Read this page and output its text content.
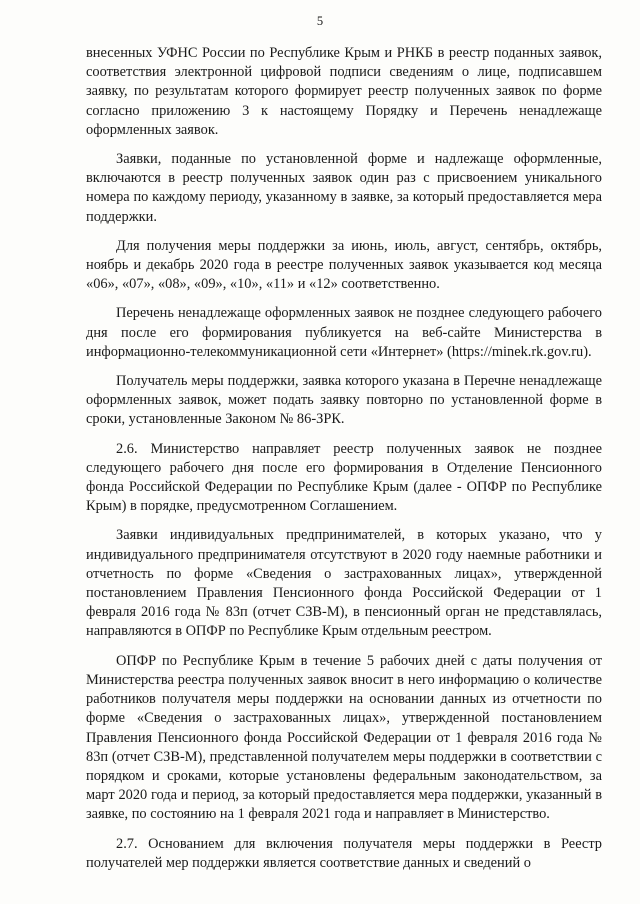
5

внесенных УФНС России по Республике Крым и РНКБ в реестр поданных заявок, соответствия электронной цифровой подписи сведениям о лице, подписавшем заявку, по результатам которого формирует реестр полученных заявок по форме согласно приложению 3 к настоящему Порядку и Перечень ненадлежаще оформленных заявок.

Заявки, поданные по установленной форме и надлежаще оформленные, включаются в реестр полученных заявок один раз с присвоением уникального номера по каждому периоду, указанному в заявке, за который предоставляется мера поддержки.

Для получения меры поддержки за июнь, июль, август, сентябрь, октябрь, ноябрь и декабрь 2020 года в реестре полученных заявок указывается код месяца «06», «07», «08», «09», «10», «11» и «12» соответственно.

Перечень ненадлежаще оформленных заявок не позднее следующего рабочего дня после его формирования публикуется на веб-сайте Министерства в информационно-телекоммуникационной сети «Интернет» (https://minek.rk.gov.ru).

Получатель меры поддержки, заявка которого указана в Перечне ненадлежаще оформленных заявок, может подать заявку повторно по установленной форме в сроки, установленные Законом № 86-ЗРК.

2.6. Министерство направляет реестр полученных заявок не позднее следующего рабочего дня после его формирования в Отделение Пенсионного фонда Российской Федерации по Республике Крым (далее - ОПФР по Республике Крым) в порядке, предусмотренном Соглашением.

Заявки индивидуальных предпринимателей, в которых указано, что у индивидуального предпринимателя отсутствуют в 2020 году наемные работники и отчетность по форме «Сведения о застрахованных лицах», утвержденной постановлением Правления Пенсионного фонда Российской Федерации от 1 февраля 2016 года № 83п (отчет СЗВ-М), в пенсионный орган не представлялась, направляются в ОПФР по Республике Крым отдельным реестром.

ОПФР по Республике Крым в течение 5 рабочих дней с даты получения от Министерства реестра полученных заявок вносит в него информацию о количестве работников получателя меры поддержки на основании данных из отчетности по форме «Сведения о застрахованных лицах», утвержденной постановлением Правления Пенсионного фонда Российской Федерации от 1 февраля 2016 года № 83п (отчет СЗВ-М), представленной получателем меры поддержки в соответствии с порядком и сроками, которые установлены федеральным законодательством, за март 2020 года и период, за который предоставляется мера поддержки, указанный в заявке, по состоянию на 1 февраля 2021 года и направляет в Министерство.

2.7. Основанием для включения получателя меры поддержки в Реестр получателей мер поддержки является соответствие данных и сведений о
